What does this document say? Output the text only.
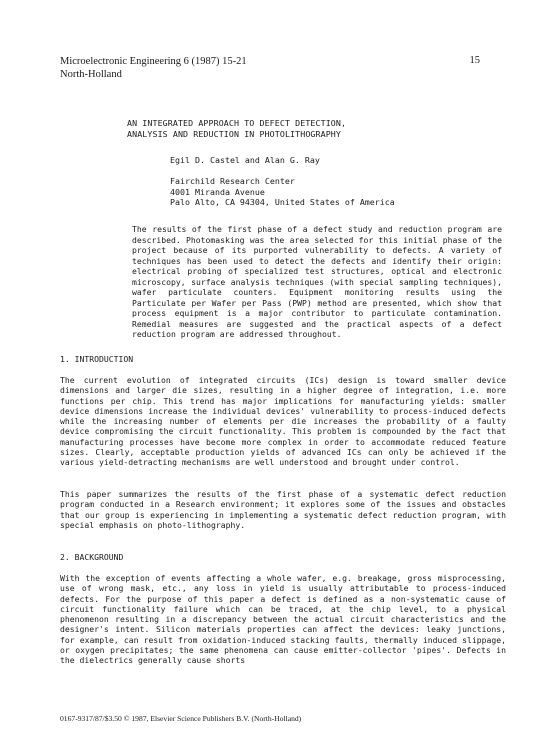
Microelectronic Engineering 6 (1987) 15-21
North-Holland
15
AN INTEGRATED APPROACH TO DEFECT DETECTION,
ANALYSIS AND REDUCTION IN PHOTOLITHOGRAPHY
Egil D. Castel and Alan G. Ray
Fairchild Research Center
4001 Miranda Avenue
Palo Alto, CA 94304, United States of America

The results of the first phase of a defect study and reduction program are described. Photomasking was the area selected for this initial phase of the project because of its purported vulnerability to defects. A variety of techniques has been used to detect the defects and identify their origin: electrical probing of specialized test structures, optical and electronic microscopy, surface analysis techniques (with special sampling techniques), wafer particulate counters. Equipment monitoring results using the Particulate per Wafer per Pass (PWP) method are presented, which show that process equipment is a major contributor to particulate contamination. Remedial measures are suggested and the practical aspects of a defect reduction program are addressed throughout.

1. INTRODUCTION

The current evolution of integrated circuits (ICs) design is toward smaller device dimensions and larger die sizes, resulting in a higher degree of integration, i.e. more functions per chip. This trend has major implications for manufacturing yields: smaller device dimensions increase the individual devices' vulnerability to process-induced defects while the increasing number of elements per die increases the probability of a faulty device compromising the circuit functionality. This problem is compounded by the fact that manufacturing processes have become more complex in order to accommodate reduced feature sizes. Clearly, acceptable production yields of advanced ICs can only be achieved if the various yield-detracting mechanisms are well understood and brought under control.

This paper summarizes the results of the first phase of a systematic defect reduction program conducted in a Research environment; it explores some of the issues and obstacles that our group is experiencing in implementing a systematic defect reduction program, with special emphasis on photo-lithography.

2. BACKGROUND

With the exception of events affecting a whole wafer, e.g. breakage, gross misprocessing, use of wrong mask, etc., any loss in yield is usually attributable to process-induced defects. For the purpose of this paper a defect is defined as a non-systematic cause of circuit functionality failure which can be traced, at the chip level, to a physical phenomenon resulting in a discrepancy between the actual circuit characteristics and the designer's intent. Silicon materials properties can affect the devices: leaky junctions, for example, can result from oxidation-induced stacking faults, thermally induced slippage, or oxygen precipitates; the same phenomena can cause emitter-collector 'pipes'. Defects in the dielectrics generally cause shorts

0167-9317/87/$3.50 © 1987, Elsevier Science Publishers B.V. (North-Holland)
